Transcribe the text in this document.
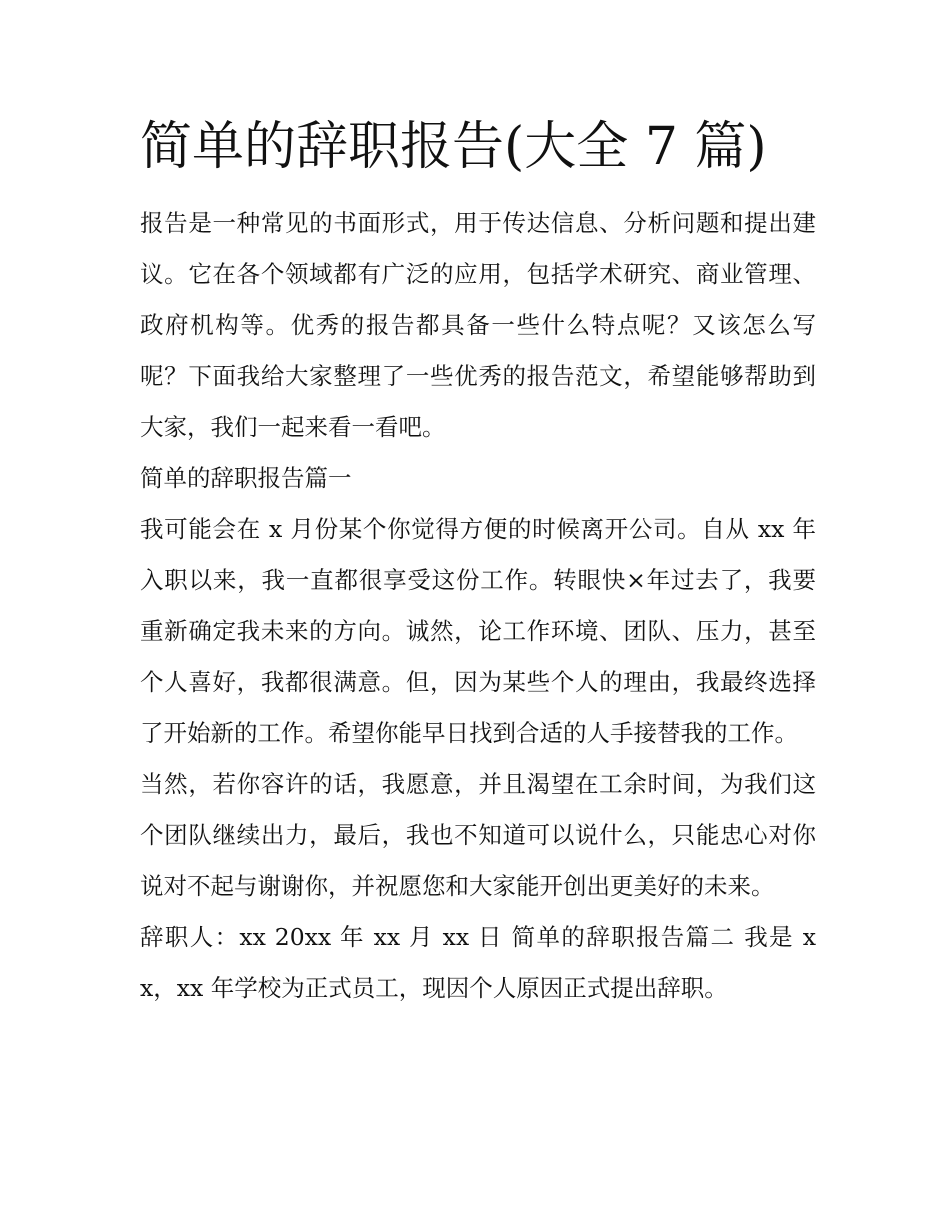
简单的辞职报告(大全 7 篇)

报告是一种常见的书面形式，用于传达信息、分析问题和提出建议。它在各个领域都有广泛的应用，包括学术研究、商业管理、政府机构等。优秀的报告都具备一些什么特点呢？又该怎么写呢？下面我给大家整理了一些优秀的报告范文，希望能够帮助到大家，我们一起来看一看吧。

简单的辞职报告篇一

我可能会在 x 月份某个你觉得方便的时候离开公司。自从 xx 年入职以来，我一直都很享受这份工作。转眼快×年过去了，我要重新确定我未来的方向。诚然，论工作环境、团队、压力，甚至个人喜好，我都很满意。但，因为某些个人的理由，我最终选择了开始新的工作。希望你能早日找到合适的人手接替我的工作。

当然，若你容许的话，我愿意，并且渴望在工余时间，为我们这个团队继续出力，最后，我也不知道可以说什么，只能忠心对你说对不起与谢谢你，并祝愿您和大家能开创出更美好的未来。

辞职人：xx 20xx 年 xx 月 xx 日 简单的辞职报告篇二 我是 xx，xx 年学校为正式员工，现因个人原因正式提出辞职。
